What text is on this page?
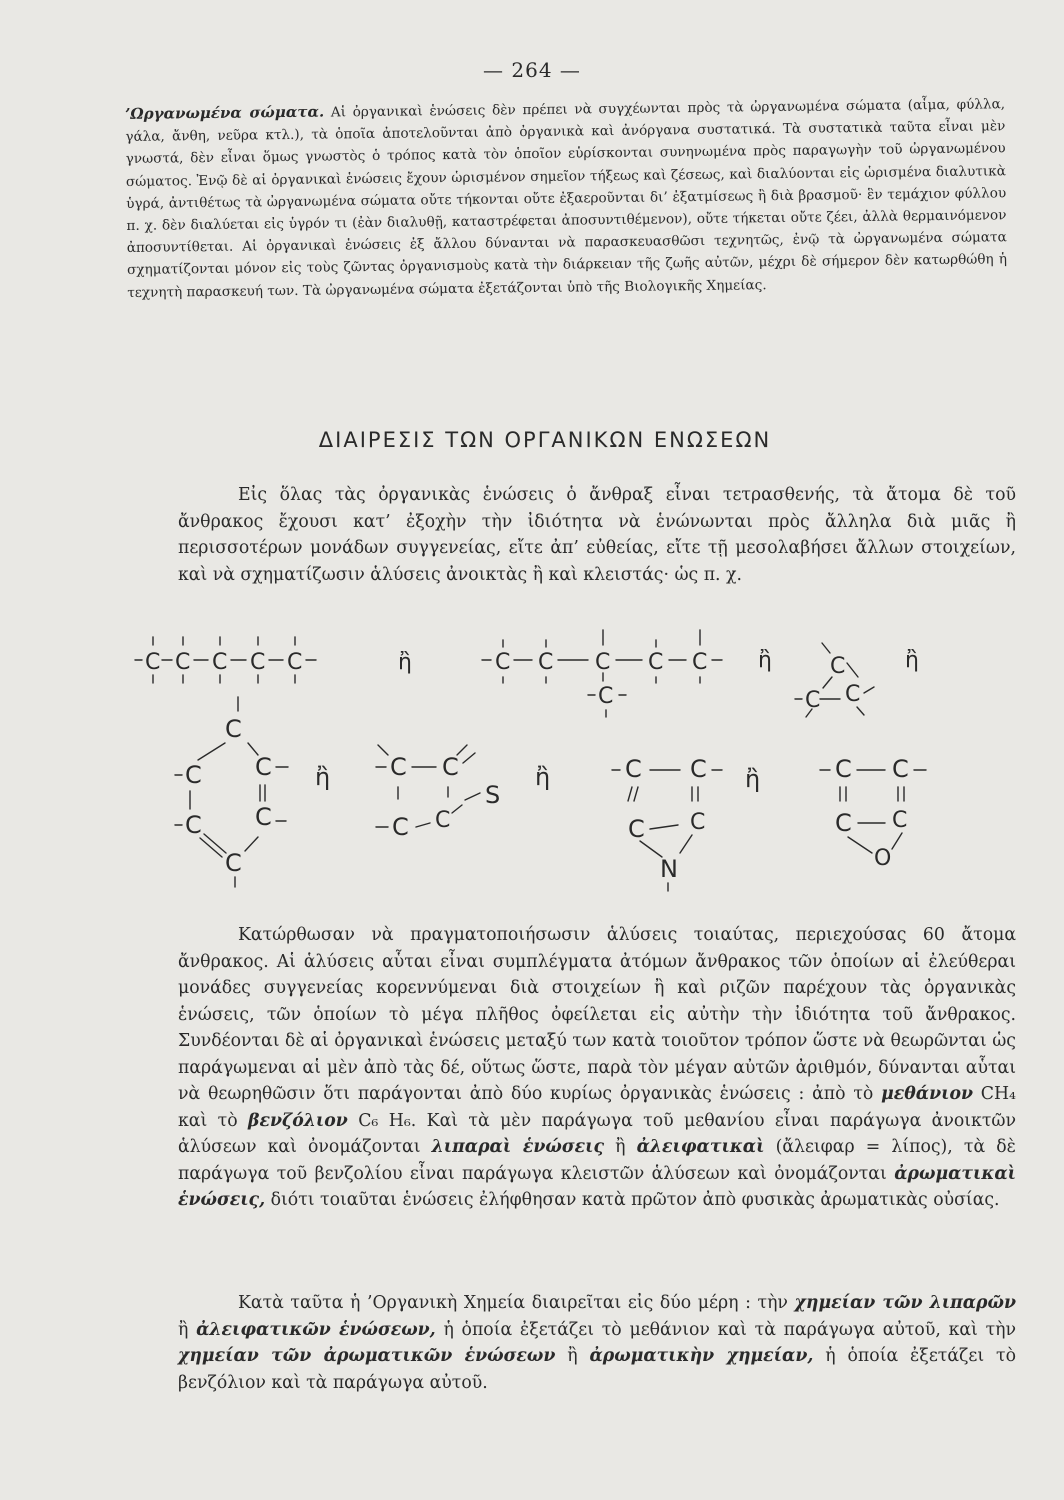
— 264 —
’Ωργανωμένα σώματα. Αἱ ὀργανικαὶ ἑνώσεις δὲν πρέπει νὰ συγχέωνται πρὸς τὰ ὠργανωμένα σώματα (αἷμα, φύλλα, γάλα, ἄνθη, νεῦρα κτλ.), τὰ ὁποῖα ἀποτελοῦνται ἀπὸ ὀργανικὰ καὶ ἀνόργανα συστατικά. Τὰ συστατικὰ ταῦτα εἶναι μὲν γνωστά, δὲν εἶναι ὅμως γνωστὸς ὁ τρόπος κατὰ τὸν ὁποῖον εὑρίσκονται συνηνωμένα πρὸς παραγωγὴν τοῦ ὠργανωμένου σώματος. Ἐνῷ δὲ αἱ ὀργανικαὶ ἑνώσεις ἔχουν ὡρισμένον σημεῖον τήξεως καὶ ζέσεως, καὶ διαλύονται εἰς ὡρισμένα διαλυτικὰ ὑγρά, ἀντιθέτως τὰ ὠργανωμένα σώματα οὔτε τήκονται οὔτε ἐξαεροῦνται δι’ ἐξατμίσεως ἢ διὰ βρασμοῦ· ἓν τεμάχιον φύλλου π. χ. δὲν διαλύεται εἰς ὑγρόν τι (ἐὰν διαλυθῇ, καταστρέφεται ἀποσυντιθέμενον), οὔτε τήκεται οὔτε ζέει, ἀλλὰ θερμαινόμενον ἀποσυντίθεται. Αἱ ὀργανικαὶ ἑνώσεις ἐξ ἄλλου δύνανται νὰ παρασκευασθῶσι τεχνητῶς, ἐνῷ τὰ ὠργανωμένα σώματα σχηματίζονται μόνον εἰς τοὺς ζῶντας ὀργανισμοὺς κατὰ τὴν διάρκειαν τῆς ζωῆς αὐτῶν, μέχρι δὲ σήμερον δὲν κατωρθώθη ἡ τεχνητὴ παρασκευή των. Τὰ ὠργανωμένα σώματα ἐξετάζονται ὑπὸ τῆς Βιολογικῆς Χημείας.
ΔΙΑΙΡΕΣΙΣ ΤΩΝ ΟΡΓΑΝΙΚΩΝ ΕΝΩΣΕΩΝ
Εἰς ὅλας τὰς ὀργανικὰς ἑνώσεις ὁ ἄνθραξ εἶναι τετρασθενής, τὰ ἄτομα δὲ τοῦ ἄνθρακος ἔχουσι κατ’ ἐξοχὴν τὴν ἰδιότητα νὰ ἑνώνωνται πρὸς ἄλληλα διὰ μιᾶς ἢ περισσοτέρων μονάδων συγγενείας, εἴτε ἀπ’ εὐθείας, εἴτε τῇ μεσολαβήσει ἄλλων στοιχείων, καὶ νὰ σχηματίζωσιν ἁλύσεις ἀνοικτὰς ἢ καὶ κλειστάς· ὡς π. χ.
C C C C C	ἢ	C C C C C
C
ἢ	C
C C
ἢ
C
C C
C C
C
ἢ C C
S
C C
ἢ	C C
C C
N
ἢ	C C
C C
O
Κατώρθωσαν νὰ πραγματοποιήσωσιν ἁλύσεις τοιαύτας, περιεχούσας 60 ἄτομα ἄνθρακος. Αἱ ἁλύσεις αὗται εἶναι συμπλέγματα ἀτόμων ἄνθρακος τῶν ὁποίων αἱ ἐλεύθεραι μονάδες συγγενείας κορεννύμεναι διὰ στοιχείων ἢ καὶ ριζῶν παρέχουν τὰς ὀργανικὰς ἑνώσεις, τῶν ὁποίων τὸ μέγα πλῆθος ὀφείλεται εἰς αὐτὴν τὴν ἰδιότητα τοῦ ἄνθρακος. Συνδέονται δὲ αἱ ὀργανικαὶ ἑνώσεις μεταξύ των κατὰ τοιοῦτον τρόπον ὥστε νὰ θεωρῶνται ὡς παράγωμεναι αἱ μὲν ἀπὸ τὰς δέ, οὕτως ὥστε, παρὰ τὸν μέγαν αὐτῶν ἀριθμόν, δύνανται αὗται νὰ θεωρηθῶσιν ὅτι παράγονται ἀπὸ δύο κυρίως ὀργανικὰς ἑνώσεις : ἀπὸ τὸ μεθάνιον CH₄ καὶ τὸ βενζόλιον C₆ H₆. Καὶ τὰ μὲν παράγωγα τοῦ μεθανίου εἶναι παράγωγα ἀνοικτῶν ἁλύσεων καὶ ὀνομάζονται λιπαραὶ ἑνώσεις ἢ ἀλειφατικαὶ (ἄλειφαρ = λίπος), τὰ δὲ παράγωγα τοῦ βενζολίου εἶναι παράγωγα κλειστῶν ἁλύσεων καὶ ὀνομάζονται ἀρωματικαὶ ἑνώσεις, διότι τοιαῦται ἑνώσεις ἐλήφθησαν κατὰ πρῶτον ἀπὸ φυσικὰς ἀρωματικὰς οὐσίας.
Κατὰ ταῦτα ἡ ’Οργανικὴ Χημεία διαιρεῖται εἰς δύο μέρη : τὴν χημείαν τῶν λιπαρῶν ἢ ἀλειφατικῶν ἑνώσεων, ἡ ὁποία ἐξετάζει τὸ μεθάνιον καὶ τὰ παράγωγα αὐτοῦ, καὶ τὴν χημείαν τῶν ἀρωματικῶν ἑνώσεων ἢ ἀρωματικὴν χημείαν, ἡ ὁποία ἐξετάζει τὸ βενζόλιον καὶ τὰ παράγωγα αὐτοῦ.
